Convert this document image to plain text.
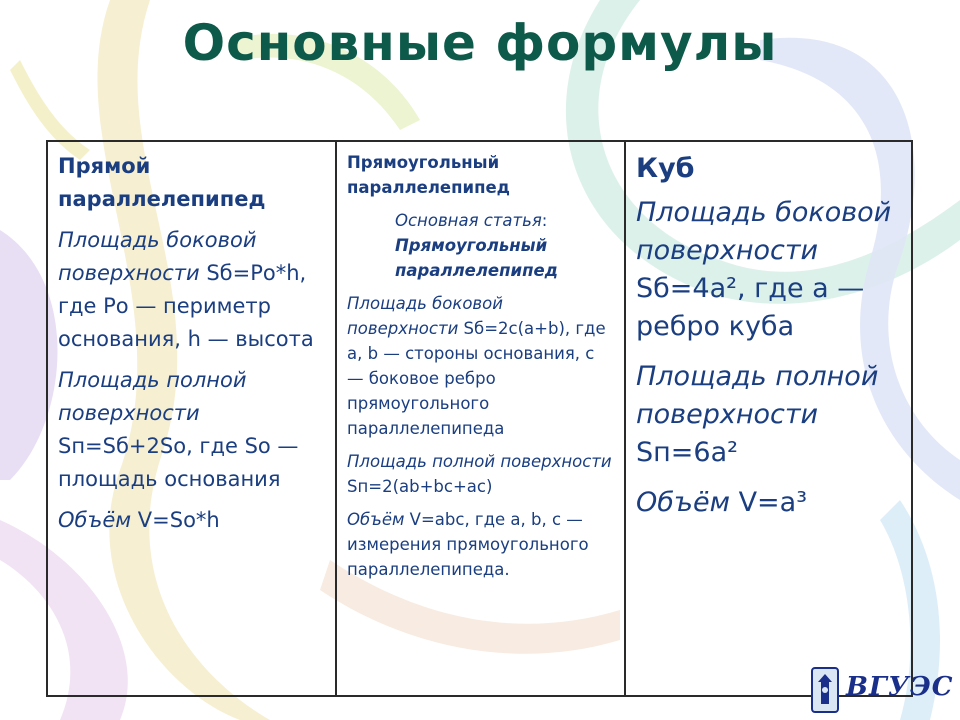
Основные формулы
Прямой параллелепипед
Площадь боковой поверхности Sб=Pо*h, где Pо — периметр основания, h — высота
Площадь полной поверхности Sп=Sб+2Sо, где Sо — площадь основания
Объём V=Sо*h

Прямоугольный параллелепипед
Основная статья: Прямоугольный параллелепипед
Площадь боковой поверхности Sб=2c(a+b), где a, b — стороны основания, c — боковое ребро прямоугольного параллелепипеда
Площадь полной поверхности Sп=2(ab+bc+ac)
Объём V=abc, где a, b, c — измерения прямоугольного параллелепипеда.

Куб
Площадь боковой поверхности Sб=4a², где a — ребро куба
Площадь полной поверхности Sп=6a²
Объём V=a³
ВГУЭС
